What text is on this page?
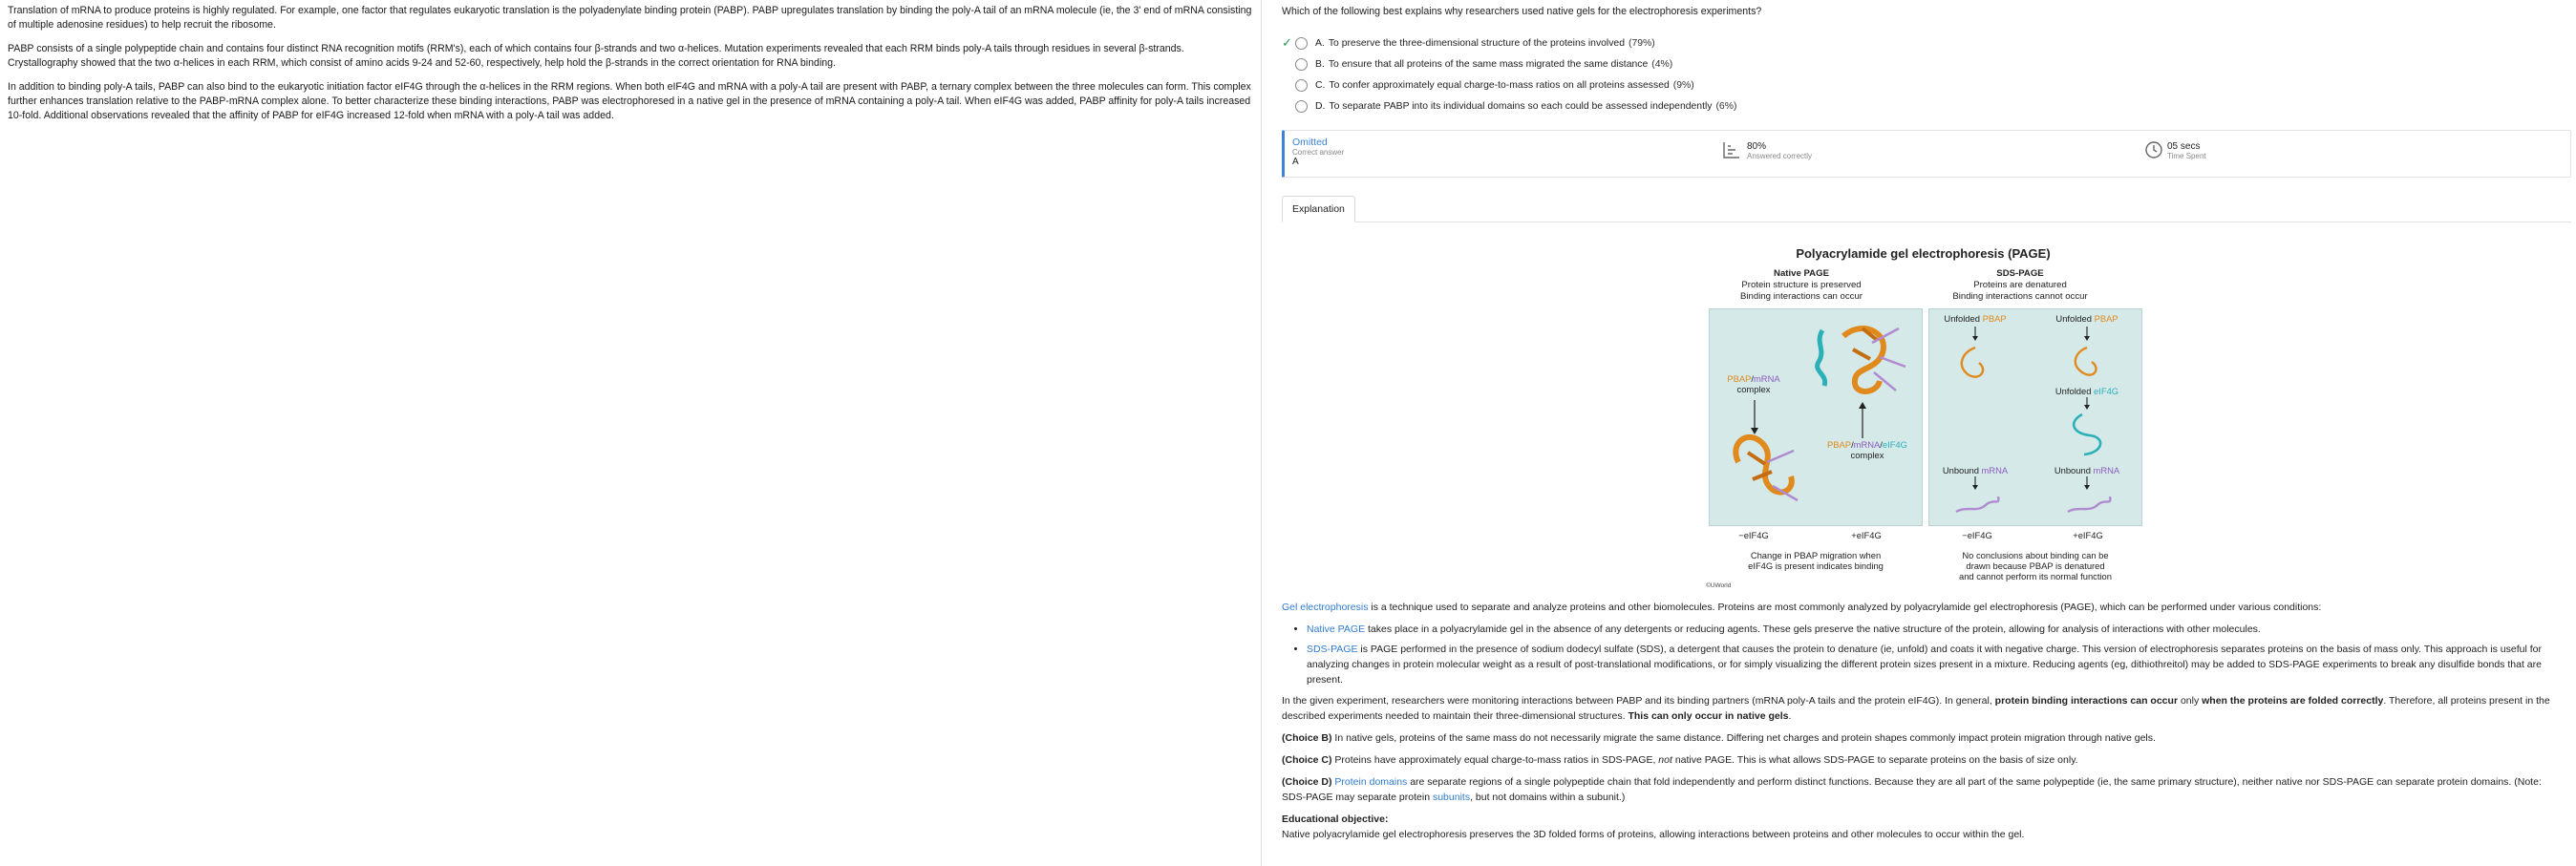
Translation of mRNA to produce proteins is highly regulated. For example, one factor that regulates eukaryotic translation is the polyadenylate binding protein (PABP). PABP upregulates translation by binding the poly-A tail of an mRNA molecule (ie, the 3' end of mRNA consisting of multiple adenosine residues) to help recruit the ribosome.

PABP consists of a single polypeptide chain and contains four distinct RNA recognition motifs (RRM's), each of which contains four β-strands and two α-helices. Mutation experiments revealed that each RRM binds poly-A tails through residues in several β-strands. Crystallography showed that the two α-helices in each RRM, which consist of amino acids 9-24 and 52-60, respectively, help hold the β-strands in the correct orientation for RNA binding.

In addition to binding poly-A tails, PABP can also bind to the eukaryotic initiation factor eIF4G through the α-helices in the RRM regions. When both eIF4G and mRNA with a poly-A tail are present with PABP, a ternary complex between the three molecules can form. This complex further enhances translation relative to the PABP-mRNA complex alone. To better characterize these binding interactions, PABP was electrophoresed in a native gel in the presence of mRNA containing a poly-A tail. When eIF4G was added, PABP affinity for poly-A tails increased 10-fold. Additional observations revealed that the affinity of PABP for eIF4G increased 12-fold when mRNA with a poly-A tail was added.

Which of the following best explains why researchers used native gels for the electrophoresis experiments?
✓ A. To preserve the three-dimensional structure of the proteins involved (79%)
B. To ensure that all proteins of the same mass migrated the same distance (4%)
C. To confer approximately equal charge-to-mass ratios on all proteins assessed (9%)
D. To separate PABP into its individual domains so each could be assessed independently (6%)
Omitted
Correct answer
A
80%
Answered correctly
05 secs
Time Spent
Explanation
Polyacrylamide gel electrophoresis (PAGE)
Native PAGE
Protein structure is preserved
Binding interactions can occur
SDS-PAGE
Proteins are denatured
Binding interactions cannot occur
PBAP/mRNA
complex
PBAP/mRNA/eIF4G
complex
Unfolded PBAP	Unfolded PBAP
Unfolded eIF4G
Unbound mRNA	Unbound mRNA
−eIF4G	+eIF4G	−eIF4G	+eIF4G
Change in PBAP migration when
eIF4G is present indicates binding
No conclusions about binding can be
drawn because PBAP is denatured
and cannot perform its normal function
©UWorld

Gel electrophoresis is a technique used to separate and analyze proteins and other biomolecules. Proteins are most commonly analyzed by polyacrylamide gel electrophoresis (PAGE), which can be performed under various conditions:

• Native PAGE takes place in a polyacrylamide gel in the absence of any detergents or reducing agents. These gels preserve the native structure of the protein, allowing for analysis of interactions with other molecules.
• SDS-PAGE is PAGE performed in the presence of sodium dodecyl sulfate (SDS), a detergent that causes the protein to denature (ie, unfold) and coats it with negative charge. This version of electrophoresis separates proteins on the basis of mass only. This approach is useful for analyzing changes in protein molecular weight as a result of post-translational modifications, or for simply visualizing the different protein sizes present in a mixture. Reducing agents (eg, dithiothreitol) may be added to SDS-PAGE experiments to break any disulfide bonds that are present.

In the given experiment, researchers were monitoring interactions between PABP and its binding partners (mRNA poly-A tails and the protein eIF4G). In general, protein binding interactions can occur only when the proteins are folded correctly. Therefore, all proteins present in the described experiments needed to maintain their three-dimensional structures. This can only occur in native gels.

(Choice B) In native gels, proteins of the same mass do not necessarily migrate the same distance. Differing net charges and protein shapes commonly impact protein migration through native gels.

(Choice C) Proteins have approximately equal charge-to-mass ratios in SDS-PAGE, not native PAGE. This is what allows SDS-PAGE to separate proteins on the basis of size only.

(Choice D) Protein domains are separate regions of a single polypeptide chain that fold independently and perform distinct functions. Because they are all part of the same polypeptide (ie, the same primary structure), neither native nor SDS-PAGE can separate protein domains. (Note: SDS-PAGE may separate protein subunits, but not domains within a subunit.)

Educational objective:
Native polyacrylamide gel electrophoresis preserves the 3D folded forms of proteins, allowing interactions between proteins and other molecules to occur within the gel.
